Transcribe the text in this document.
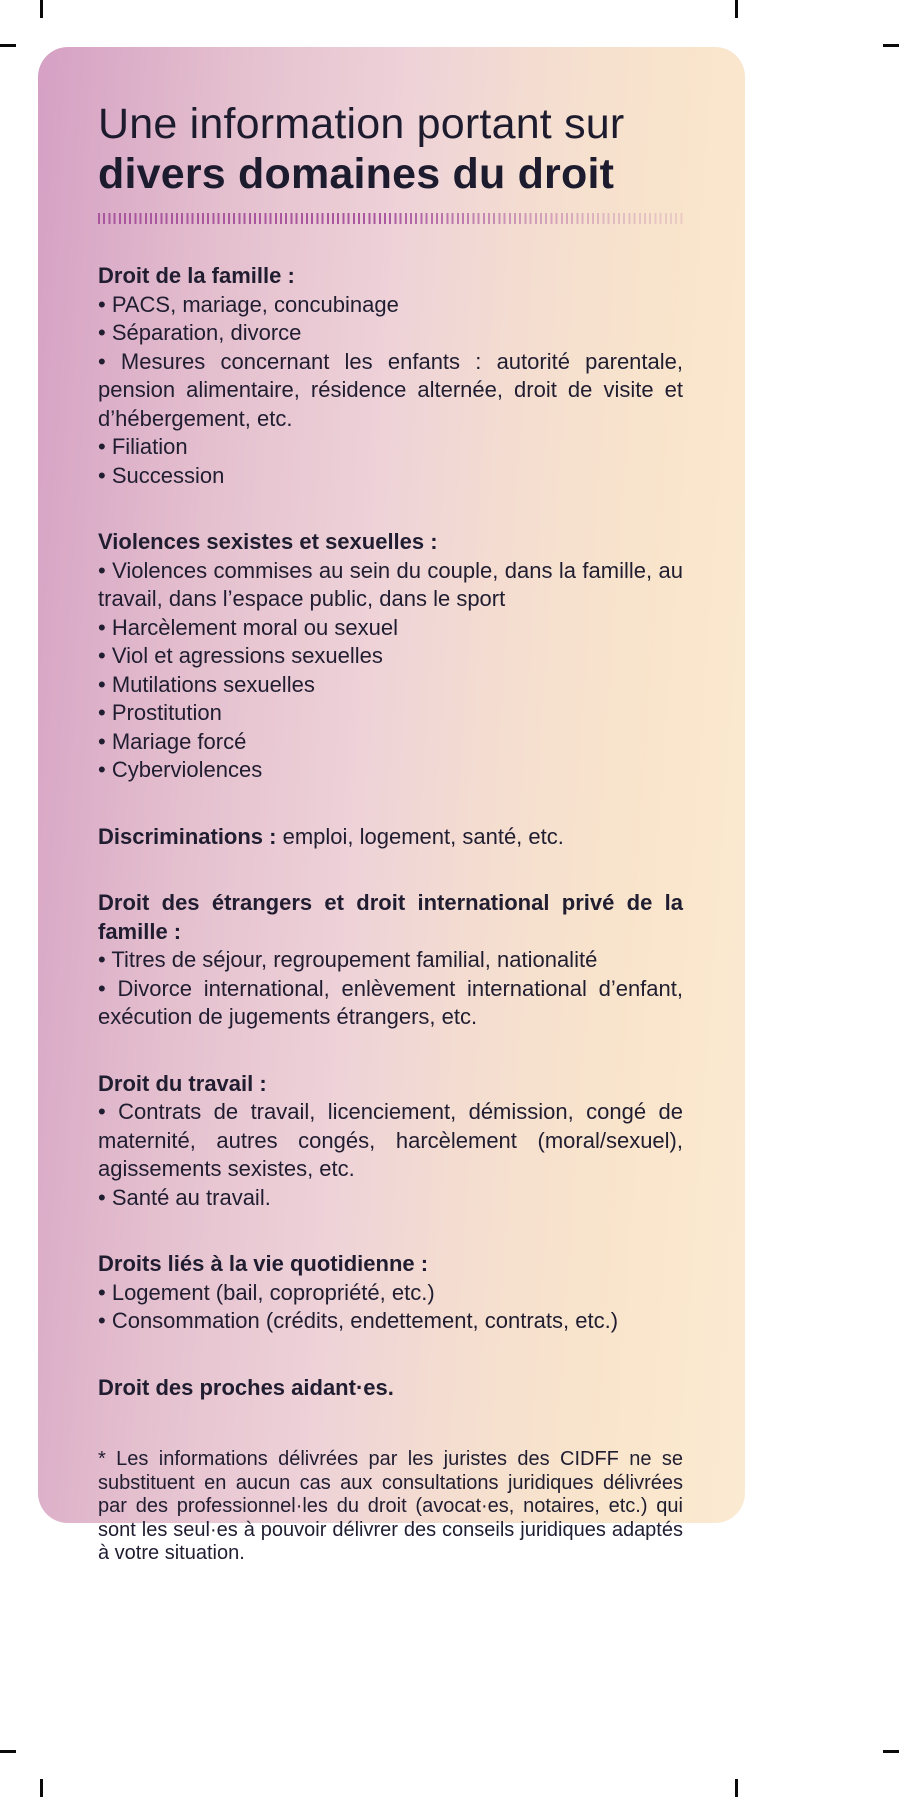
Une information portant sur
divers domaines du droit

Droit de la famille :

• PACS, mariage, concubinage

• Séparation, divorce

• Mesures concernant les enfants : autorité parentale, pension alimentaire, résidence alternée, droit de visite et d’hébergement, etc.

• Filiation

• Succession

Violences sexistes et sexuelles :

• Violences commises au sein du couple, dans la famille, au travail, dans l’espace public, dans le sport

• Harcèlement moral ou sexuel

• Viol et agressions sexuelles

• Mutilations sexuelles

• Prostitution

• Mariage forcé

• Cyberviolences

Discriminations : emploi, logement, santé, etc.

Droit des étrangers et droit international privé de la famille :

• Titres de séjour, regroupement familial, nationalité

• Divorce international, enlèvement international d’enfant, exécution de jugements étrangers, etc.

Droit du travail :

• Contrats de travail, licenciement, démission, congé de maternité, autres congés, harcèlement (moral/sexuel), agissements sexistes, etc.

• Santé au travail.

Droits liés à la vie quotidienne :

• Logement (bail, copropriété, etc.)

• Consommation (crédits, endettement, contrats, etc.)

Droit des proches aidant·es.

* Les informations délivrées par les juristes des CIDFF ne se substituent en aucun cas aux consultations juridiques délivrées par des professionnel·les du droit (avocat·es, notaires, etc.) qui sont les seul·es à pouvoir délivrer des conseils juridiques adaptés à votre situation.
